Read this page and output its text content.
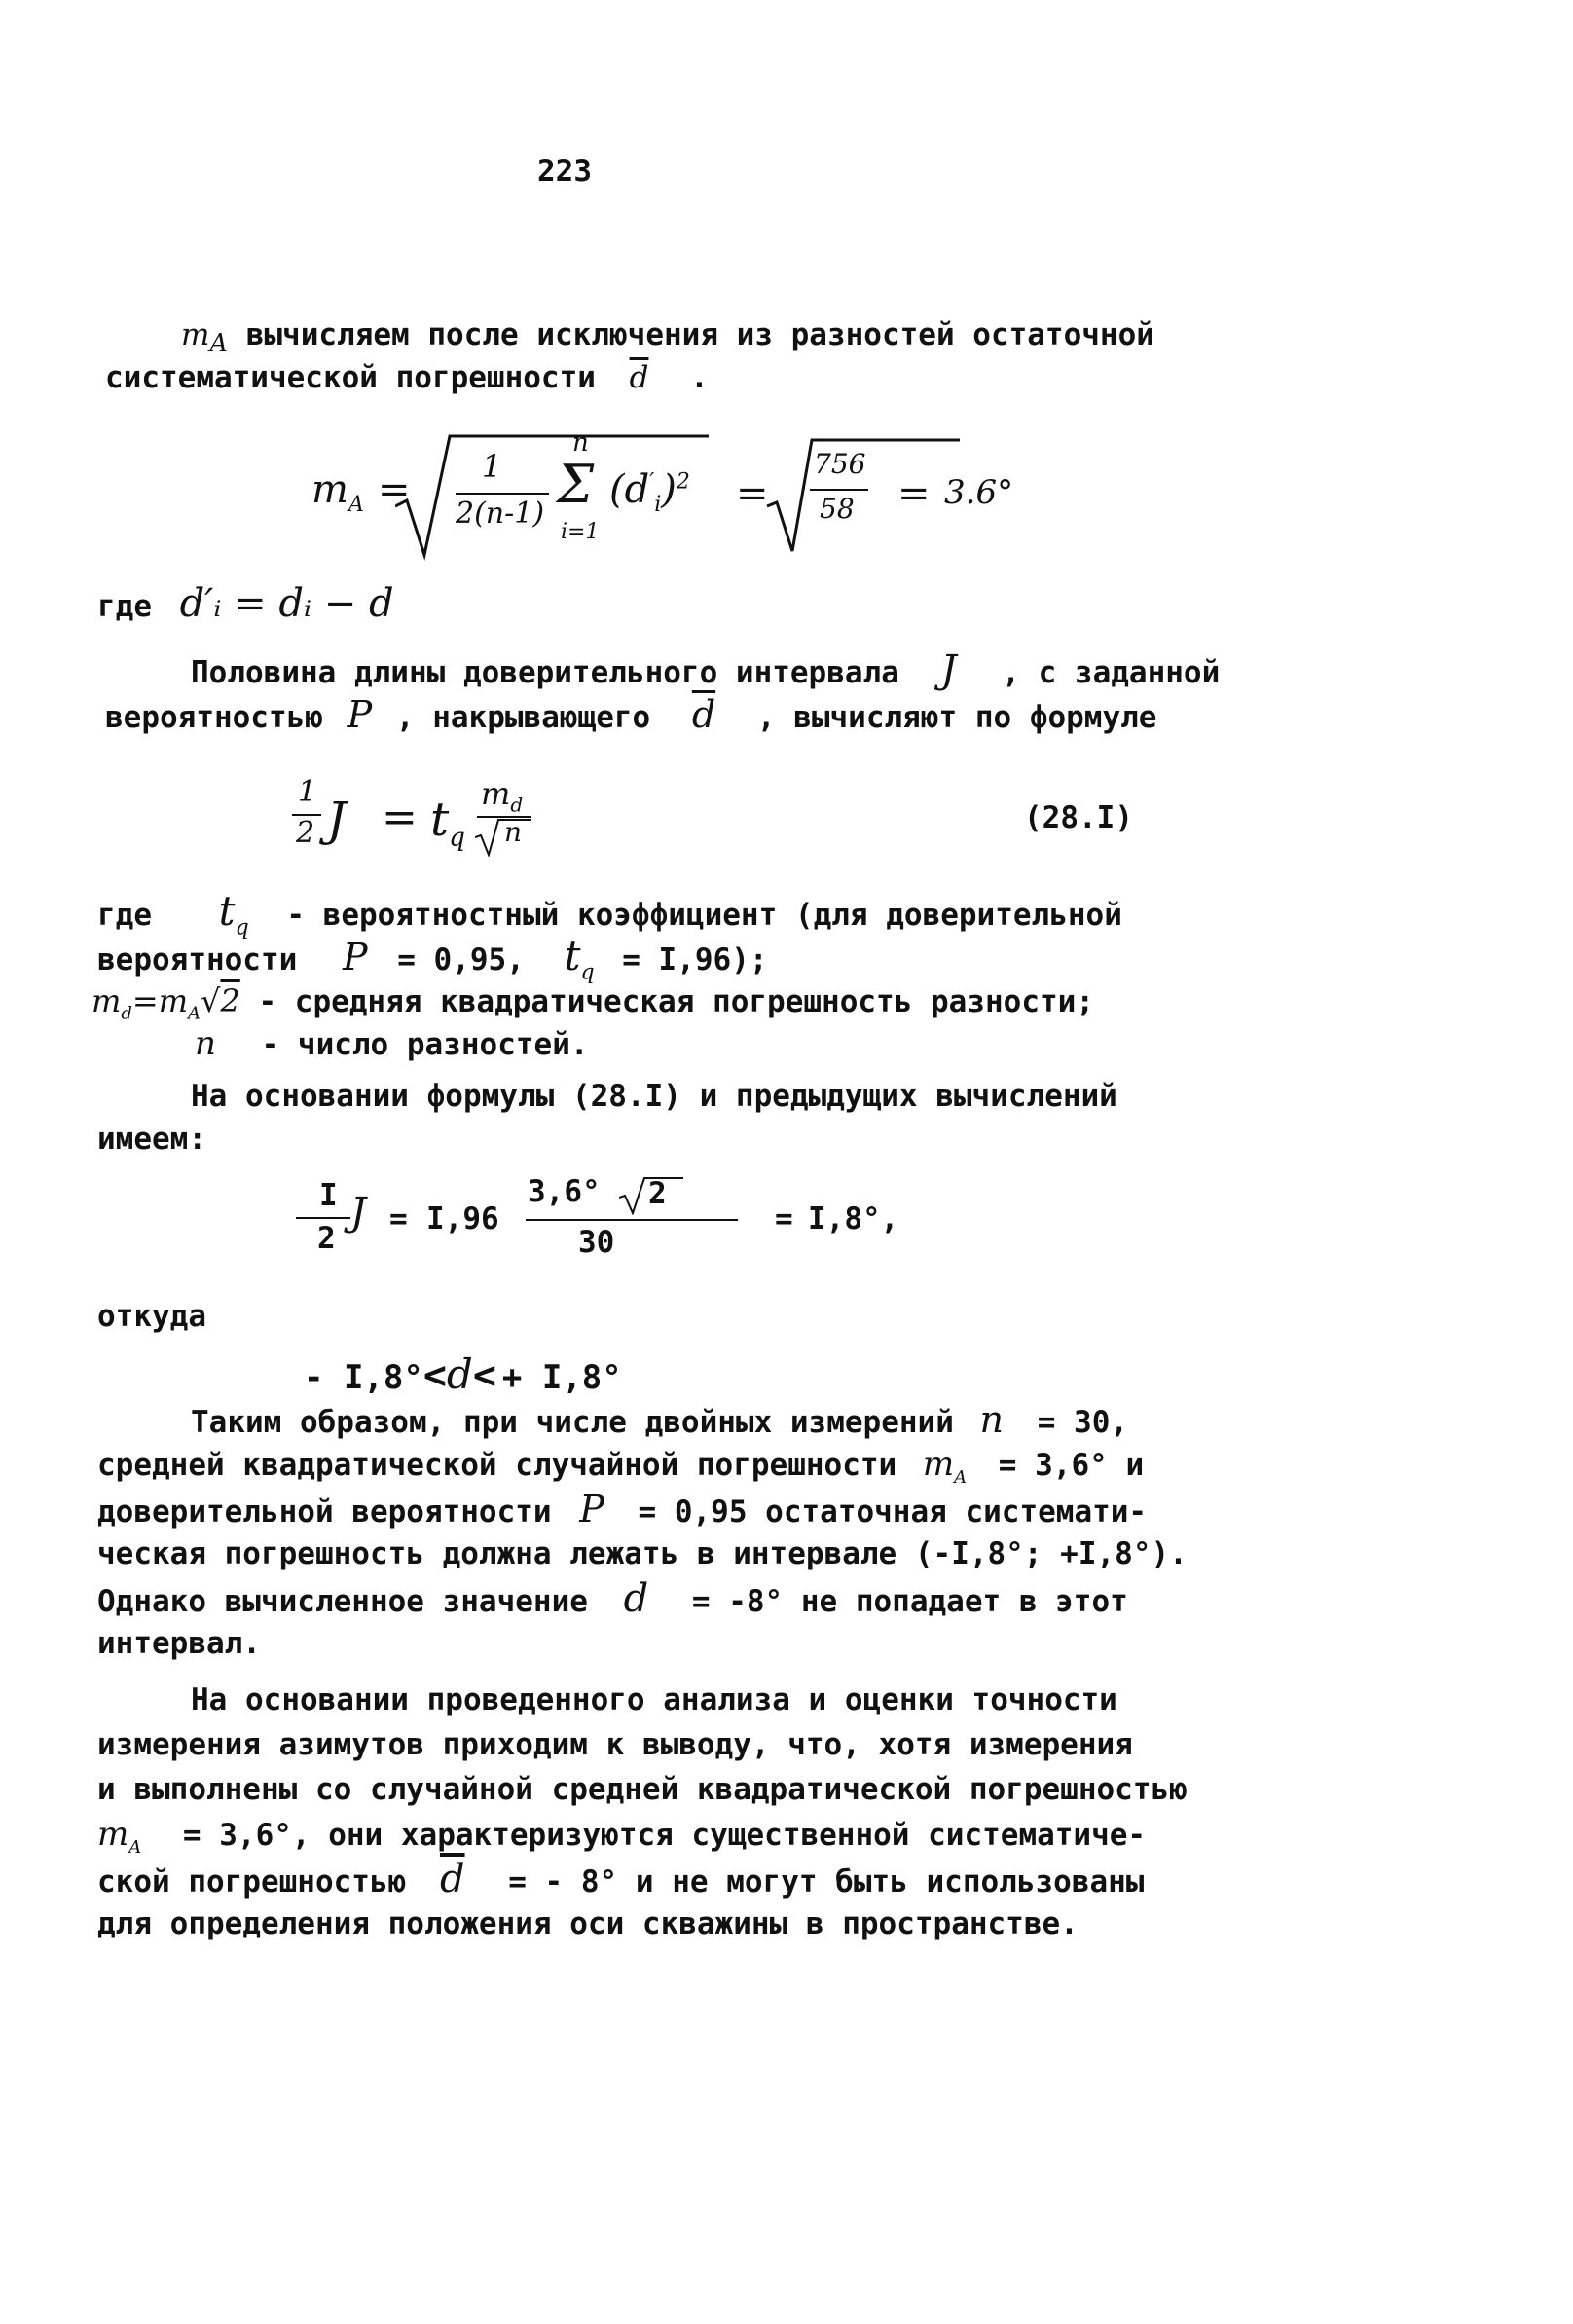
223
$m_A$ вычисляем после исключения из разностей остаточной
систематической погрешности $\overline{d}$ .
$m_A$ =
1
2(n-1)
n
Σ
i=1
$(d'_i)^2$ =
756
58 = 3.6°
где d′ᵢ = dᵢ − d
Половина длины доверительного интервала J , с заданной
вероятностью P , накрывающего $\overline{d}$ , вычисляют по формуле
1
2 $J = t_q$
$m_d$
n	(28.I)
где $t_q$ - вероятностный коэффициент (для доверительной
вероятности P = 0,95, $t_q = I,96$);
$m_d=m_A√2$ - средняя квадратическая погрешность разности;
n - число разностей.
На основании формулы (28.I) и предыдущих вычислений
имеем:
I
2
J = I,96
3,6° 2
30
= I,8°,
откуда
- I,8°<d< + I,8°
Таким образом, при числе двойных измерений n = 30,
средней квадратической случайной погрешности $m_A = 3,6^\circ$ и
доверительной вероятности P = 0,95 остаточная системати-
ческая погрешность должна лежать в интервале (-I,8°; +I,8°).
Однако вычисленное значение d = -8° не попадает в этот
интервал.
На основании проведенного анализа и оценки точности
измерения азимутов приходим к выводу, что, хотя измерения
и выполнены со случайной средней квадратической погрешностью
$m_A = 3,6^\circ$, они характеризуются существенной систематиче-
ской погрешностью $\overline{d}$ = - 8° и не могут быть использованы
для определения положения оси скважины в пространстве.
